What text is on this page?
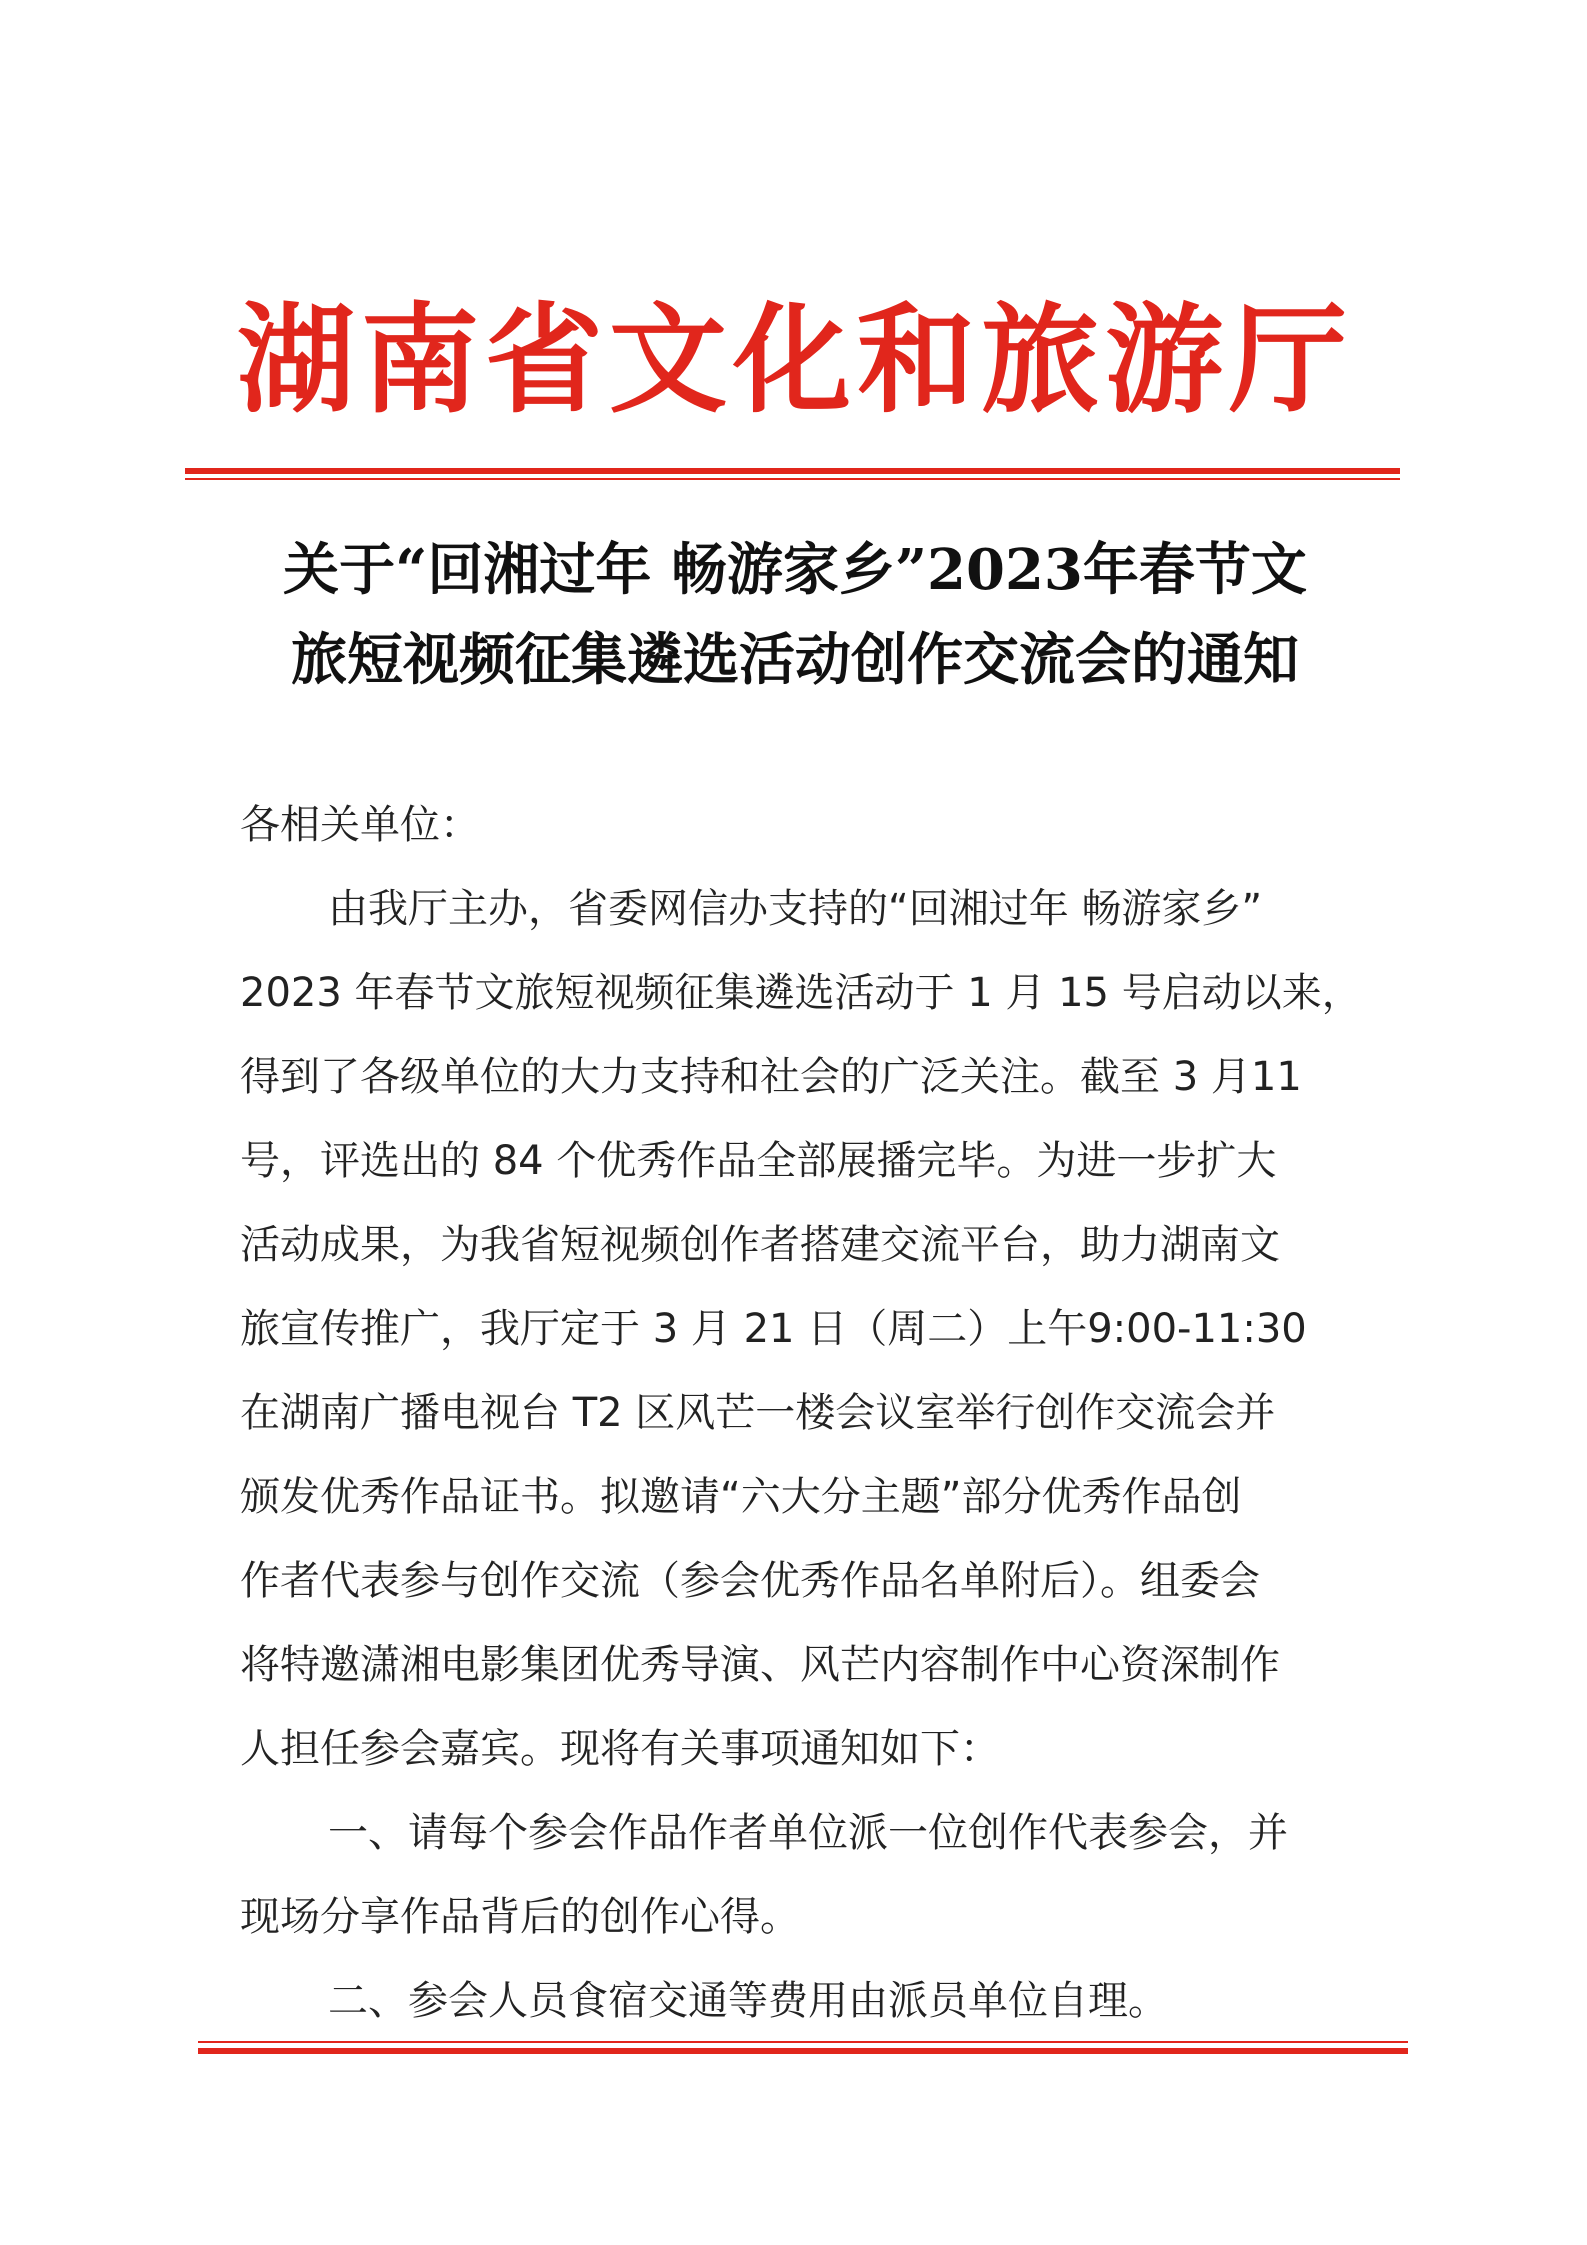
湖南省文化和旅游厅
关于“回湘过年 畅游家乡”2023年春节文
旅短视频征集遴选活动创作交流会的通知
各相关单位：
由我厅主办，省委网信办支持的“回湘过年 畅游家乡”
2023 年春节文旅短视频征集遴选活动于 1 月 15 号启动以来，
得到了各级单位的大力支持和社会的广泛关注。截至 3 月11
号，评选出的 84 个优秀作品全部展播完毕。为进一步扩大
活动成果，为我省短视频创作者搭建交流平台，助力湖南文
旅宣传推广，我厅定于 3 月 21 日（周二）上午9:00-11:30
在湖南广播电视台 T2 区风芒一楼会议室举行创作交流会并
颁发优秀作品证书。拟邀请“六大分主题”部分优秀作品创
作者代表参与创作交流（参会优秀作品名单附后）。组委会
将特邀潇湘电影集团优秀导演、风芒内容制作中心资深制作
人担任参会嘉宾。现将有关事项通知如下：
一、请每个参会作品作者单位派一位创作代表参会，并
现场分享作品背后的创作心得。
二、参会人员食宿交通等费用由派员单位自理。
